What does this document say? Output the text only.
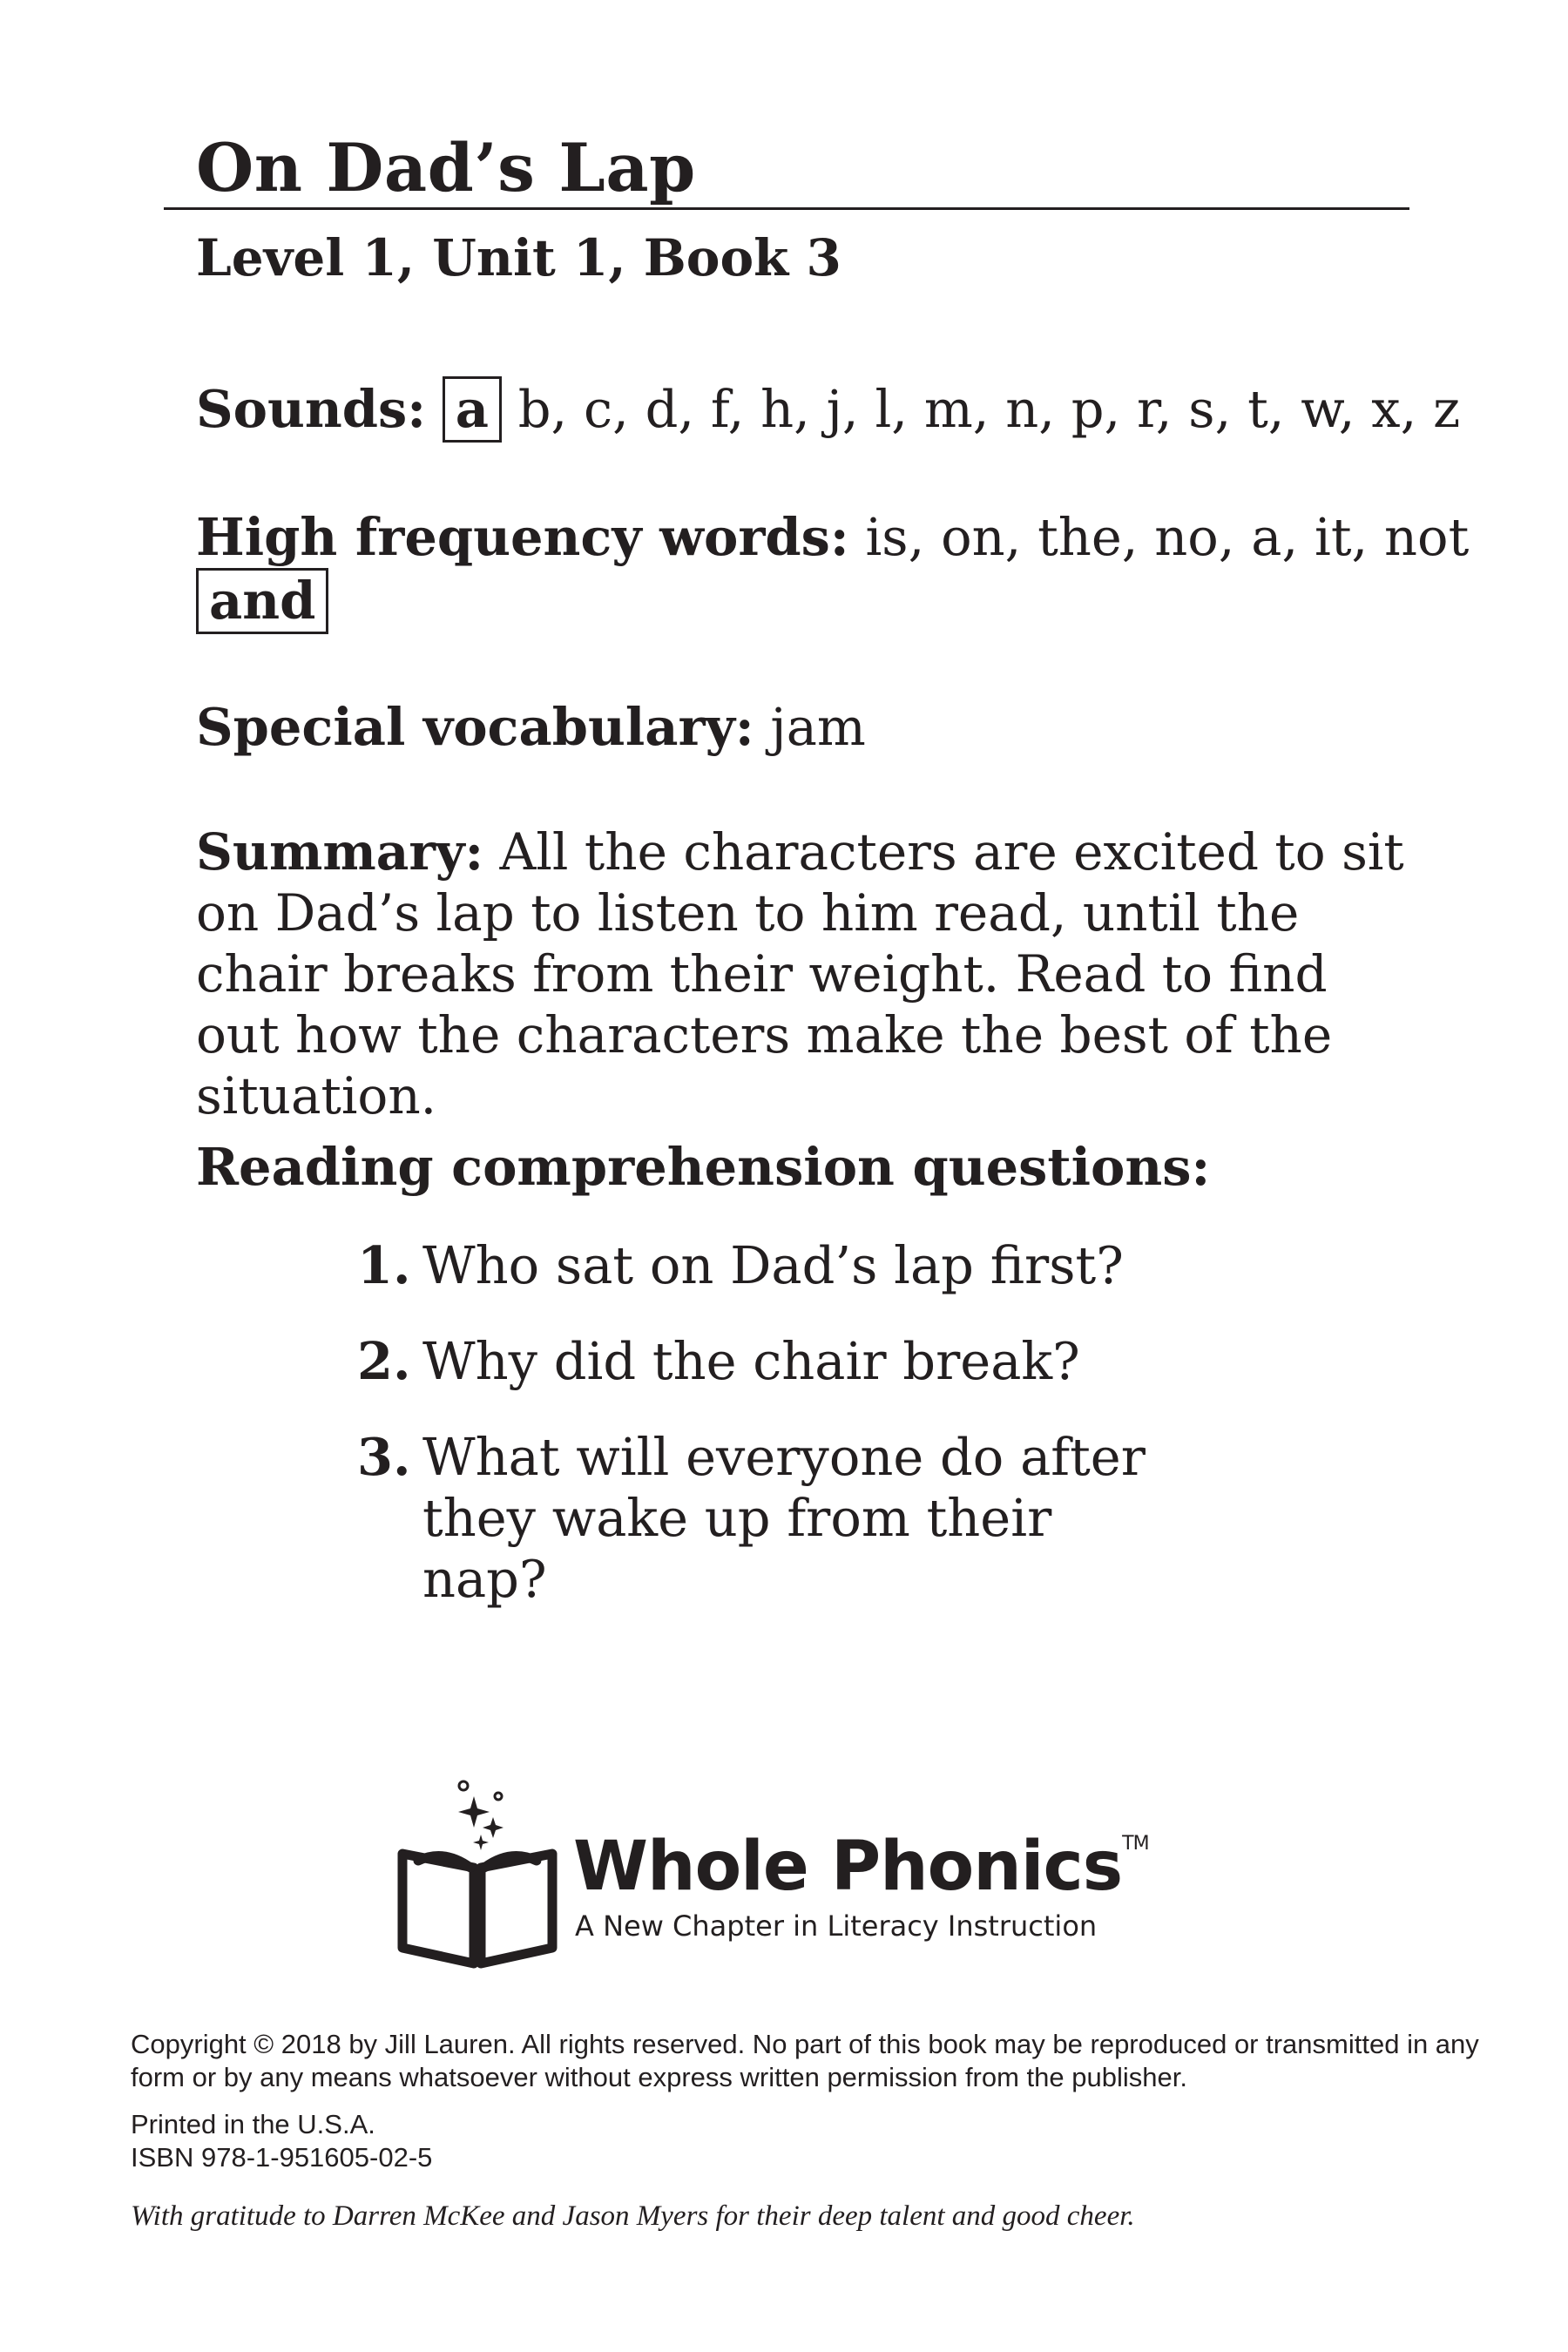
On Dad’s Lap
Level 1, Unit 1, Book 3
Sounds: a b, c, d, f, h, j, l, m, n, p, r, s, t, w, x, z
High frequency words: is, on, the, no, a, it, not
and
Special vocabulary: jam
Summary: All the characters are excited to sit on Dad’s lap to listen to him read, until the chair breaks from their weight. Read to find out how the characters make the best of the situation.
Reading comprehension questions:
1. Who sat on Dad’s lap first?
2. Why did the chair break?
3. What will everyone do after they wake up from their nap?
Whole Phonics™
A New Chapter in Literacy Instruction
Copyright © 2018 by Jill Lauren. All rights reserved. No part of this book may be reproduced or transmitted in any form or by any means whatsoever without express written permission from the publisher.
Printed in the U.S.A.
ISBN 978-1-951605-02-5
With gratitude to Darren McKee and Jason Myers for their deep talent and good cheer.
